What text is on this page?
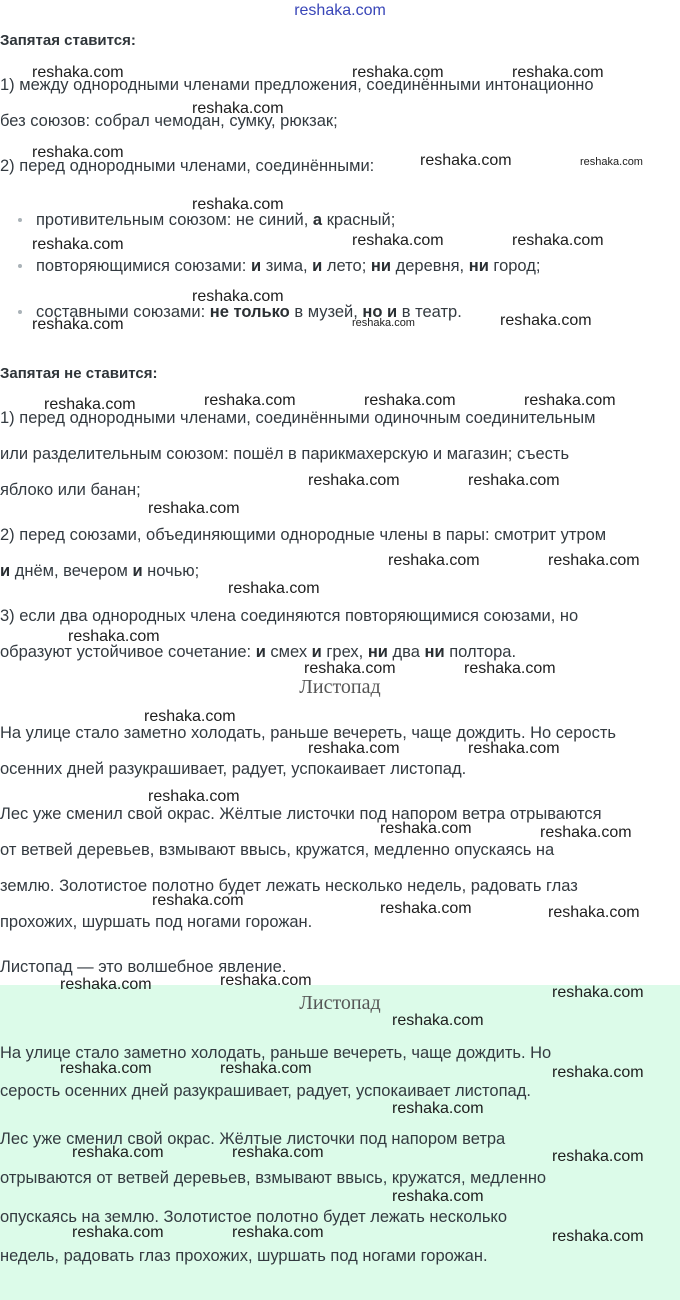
reshaka.com
Запятая ставится:

1) между однородными членами предложения, соединёнными интонационно

без союзов: собрал чемодан, сумку, рюкзак;

2) перед однородными членами, соединёнными:

противительным союзом: не синий, а красный;

повторяющимися союзами: и зима, и лето; ни деревня, ни город;

составными союзами: не только в музей, но и в театр.

Запятая не ставится:

1) перед однородными членами, соединёнными одиночным соединительным

или разделительным союзом: пошёл в парикмахерскую и магазин; съесть

яблоко или банан;

2) перед союзами, объединяющими однородные члены в пары: смотрит утром

и днём, вечером и ночью;

3) если два однородных члена соединяются повторяющимися союзами, но

образуют устойчивое сочетание: и смех и грех, ни два ни полтора.

Листопад

На улице стало заметно холодать, раньше вечереть, чаще дождить. Но серость

осенних дней разукрашивает, радует, успокаивает листопад.

Лес уже сменил свой окрас. Жёлтые листочки под напором ветра отрываются

от ветвей деревьев, взмывают ввысь, кружатся, медленно опускаясь на

землю. Золотистое полотно будет лежать несколько недель, радовать глаз

прохожих, шуршать под ногами горожан.

Листопад — это волшебное явление.

Листопад

На улице стало заметно холодать, раньше вечереть, чаще дождить. Но

серость осенних дней разукрашивает, радует, успокаивает листопад.

Лес уже сменил свой окрас. Жёлтые листочки под напором ветра

отрываются от ветвей деревьев, взмывают ввысь, кружатся, медленно

опускаясь на землю. Золотистое полотно будет лежать несколько

недель, радовать глаз прохожих, шуршать под ногами горожан.

reshaka.com	reshaka.com	reshaka.com
reshaka.com
reshaka.com	reshaka.com	reshaka.com
reshaka.com
reshaka.com	reshaka.com	reshaka.com
reshaka.com
reshaka.com	reshaka.com	reshaka.com
reshaka.com	reshaka.com	reshaka.com	reshaka.com
reshaka.com	reshaka.com
reshaka.com
reshaka.com	reshaka.com
reshaka.com
reshaka.com
reshaka.com	reshaka.com
reshaka.com
reshaka.com	reshaka.com
reshaka.com
reshaka.com	reshaka.com
reshaka.com	reshaka.com	reshaka.com
reshaka.com	reshaka.com
reshaka.com
reshaka.com
reshaka.com	reshaka.com	reshaka.com
reshaka.com
reshaka.com	reshaka.com	reshaka.com
reshaka.com
reshaka.com	reshaka.com	reshaka.com
